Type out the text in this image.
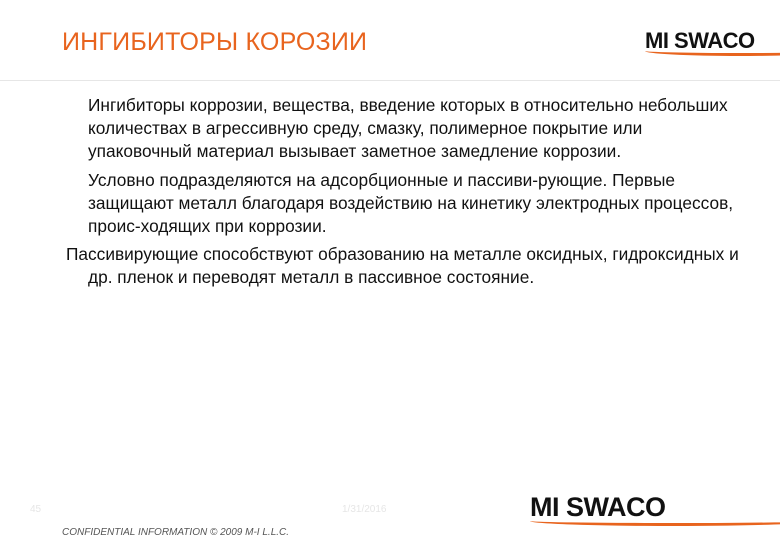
ИНГИБИТОРЫ КОРОЗИИ	MI SWACO

Ингибиторы коррозии, вещества, введение которых в относительно небольших количествах в агрессивную среду, смазку, полимерное покрытие или упаковочный материал вызывает заметное замедление коррозии.

Условно подразделяются на адсорбционные и пассиви-рующие. Первые защищают металл благодаря воздействию на кинетику электродных процессов, проис-ходящих при коррозии.

Пассивирующие способствуют образованию на металле оксидных, гидроксидных и др. пленок и переводят металл в пассивное состояние.

45	1/31/2016	MI SWACO
CONFIDENTIAL INFORMATION © 2009 M-I L.L.C.
